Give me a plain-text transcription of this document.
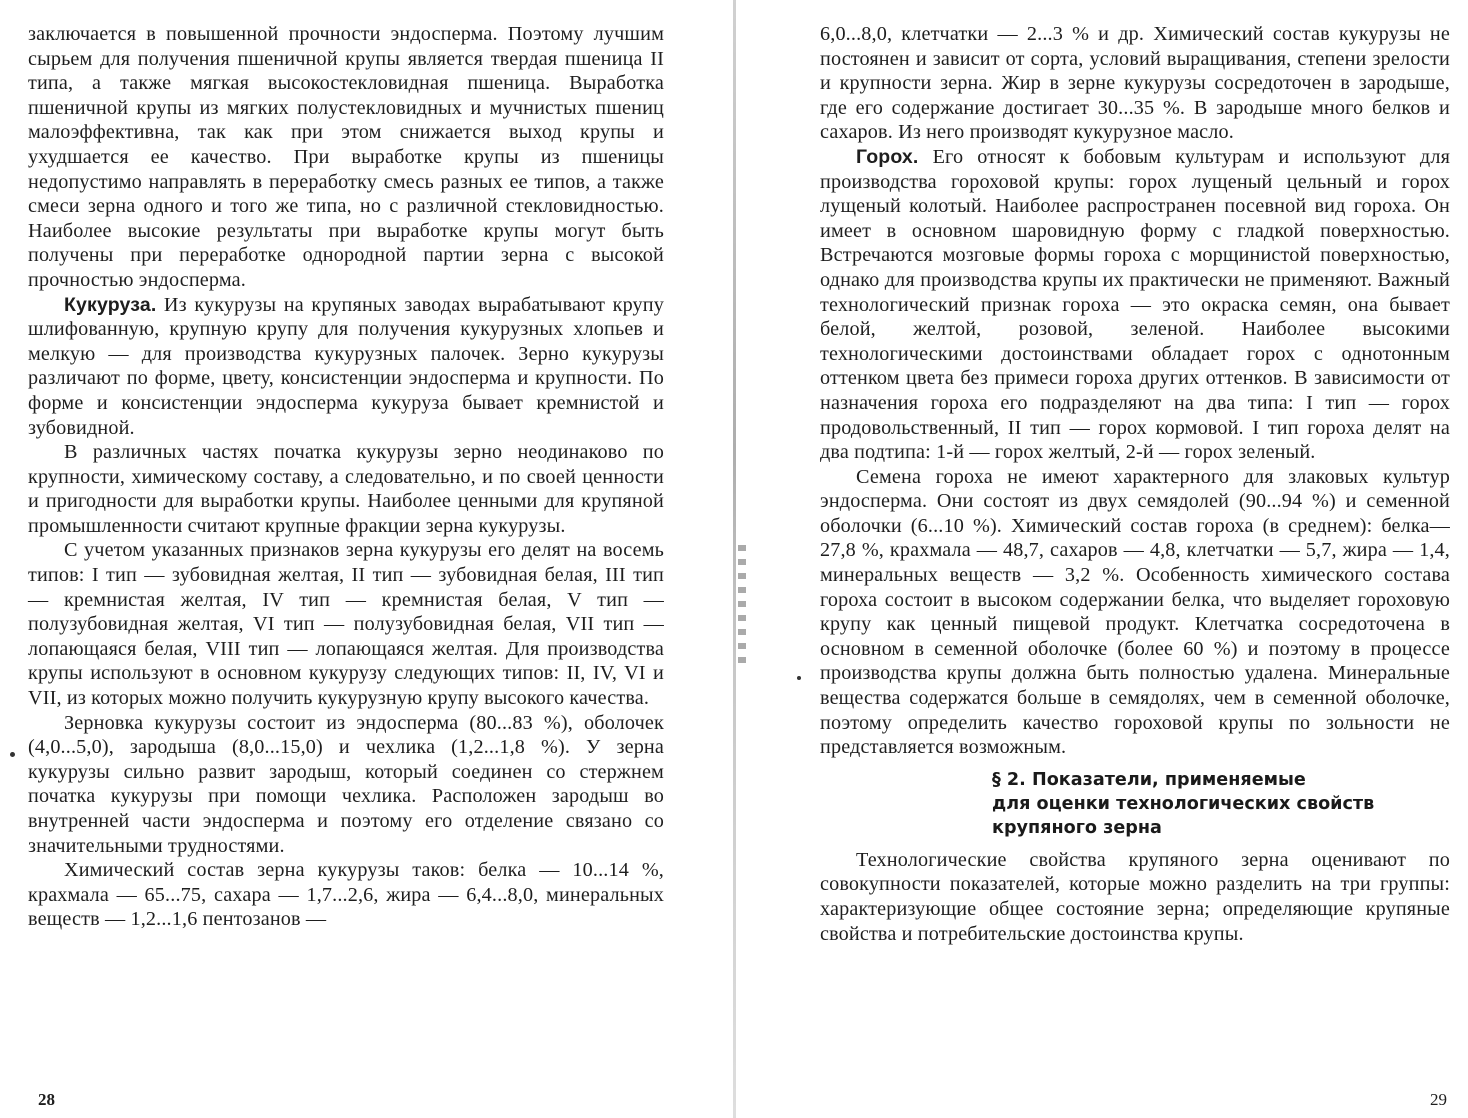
заключается в повышенной прочности эндосперма. Поэтому лучшим сырьем для получения пшеничной крупы является твердая пшеница II типа, а также мягкая высокостекловидная пшеница. Выработка пшеничной крупы из мягких полустекловидных и мучнистых пшениц малоэффективна, так как при этом снижается выход крупы и ухудшается ее качество. При выработке крупы из пшеницы недопустимо направлять в переработку смесь разных ее типов, а также смеси зерна одного и того же типа, но с различной стекловидностью. Наиболее высокие результаты при выработке крупы могут быть получены при переработке однородной партии зерна с высокой прочностью эндосперма.

Кукуруза. Из кукурузы на крупяных заводах вырабатывают крупу шлифованную, крупную крупу для получения кукурузных хлопьев и мелкую — для производства кукурузных палочек. Зерно кукурузы различают по форме, цвету, консистенции эндосперма и крупности. По форме и консистенции эндосперма кукуруза бывает кремнистой и зубовидной.

В различных частях початка кукурузы зерно неодинаково по крупности, химическому составу, а следовательно, и по своей ценности и пригодности для выработки крупы. Наиболее ценными для крупяной промышленности считают крупные фракции зерна кукурузы.

С учетом указанных признаков зерна кукурузы его делят на восемь типов: I тип — зубовидная желтая, II тип — зубовидная белая, III тип — кремнистая желтая, IV тип — кремнистая белая, V тип — полузубовидная желтая, VI тип — полузубовидная белая, VII тип — лопающаяся белая, VIII тип — лопающаяся желтая. Для производства крупы используют в основном кукурузу следующих типов: II, IV, VI и VII, из которых можно получить кукурузную крупу высокого качества.

Зерновка кукурузы состоит из эндосперма (80...83 %), оболочек (4,0...5,0), зародыша (8,0...15,0) и чехлика (1,2...1,8 %). У зерна кукурузы сильно развит зародыш, который соединен со стержнем початка кукурузы при помощи чехлика. Расположен зародыш во внутренней части эндосперма и поэтому его отделение связано со значительными трудностями.

Химический состав зерна кукурузы таков: белка — 10...14 %, крахмала — 65...75, сахара — 1,7...2,6, жира — 6,4...8,0, минеральных веществ — 1,2...1,6 пентозанов —

28

6,0...8,0, клетчатки — 2...3 % и др. Химический состав кукурузы не постоянен и зависит от сорта, условий выращивания, степени зрелости и крупности зерна. Жир в зерне кукурузы сосредоточен в зародыше, где его содержание достигает 30...35 %. В зародыше много белков и сахаров. Из него производят кукурузное масло.

Горох. Его относят к бобовым культурам и используют для производства гороховой крупы: горох лущеный цельный и горох лущеный колотый. Наиболее распространен посевной вид гороха. Он имеет в основном шаровидную форму с гладкой поверхностью. Встречаются мозговые формы гороха с морщинистой поверхностью, однако для производства крупы их практически не применяют. Важный технологический признак гороха — это окраска семян, она бывает белой, желтой, розовой, зеленой. Наиболее высокими технологическими достоинствами обладает горох с однотонным оттенком цвета без примеси гороха других оттенков. В зависимости от назначения гороха его подразделяют на два типа: I тип — горох продовольственный, II тип — горох кормовой. I тип гороха делят на два подтипа: 1-й — горох желтый, 2-й — горох зеленый.

Семена гороха не имеют характерного для злаковых культур эндосперма. Они состоят из двух семядолей (90...94 %) и семенной оболочки (6...10 %). Химический состав гороха (в среднем): белка—27,8 %, крахмала — 48,7, сахаров — 4,8, клетчатки — 5,7, жира — 1,4, минеральных веществ — 3,2 %. Особенность химического состава гороха состоит в высоком содержании белка, что выделяет гороховую крупу как ценный пищевой продукт. Клетчатка сосредоточена в основном в семенной оболочке (более 60 %) и поэтому в процессе производства крупы должна быть полностью удалена. Минеральные вещества содержатся больше в семядолях, чем в семенной оболочке, поэтому определить качество гороховой крупы по зольности не представляется возможным.

§ 2. Показатели, применяемые
для оценки технологических свойств
крупяного зерна

Технологические свойства крупяного зерна оценивают по совокупности показателей, которые можно разделить на три группы: характеризующие общее состояние зерна; определяющие крупяные свойства и потребительские достоинства крупы.

29
